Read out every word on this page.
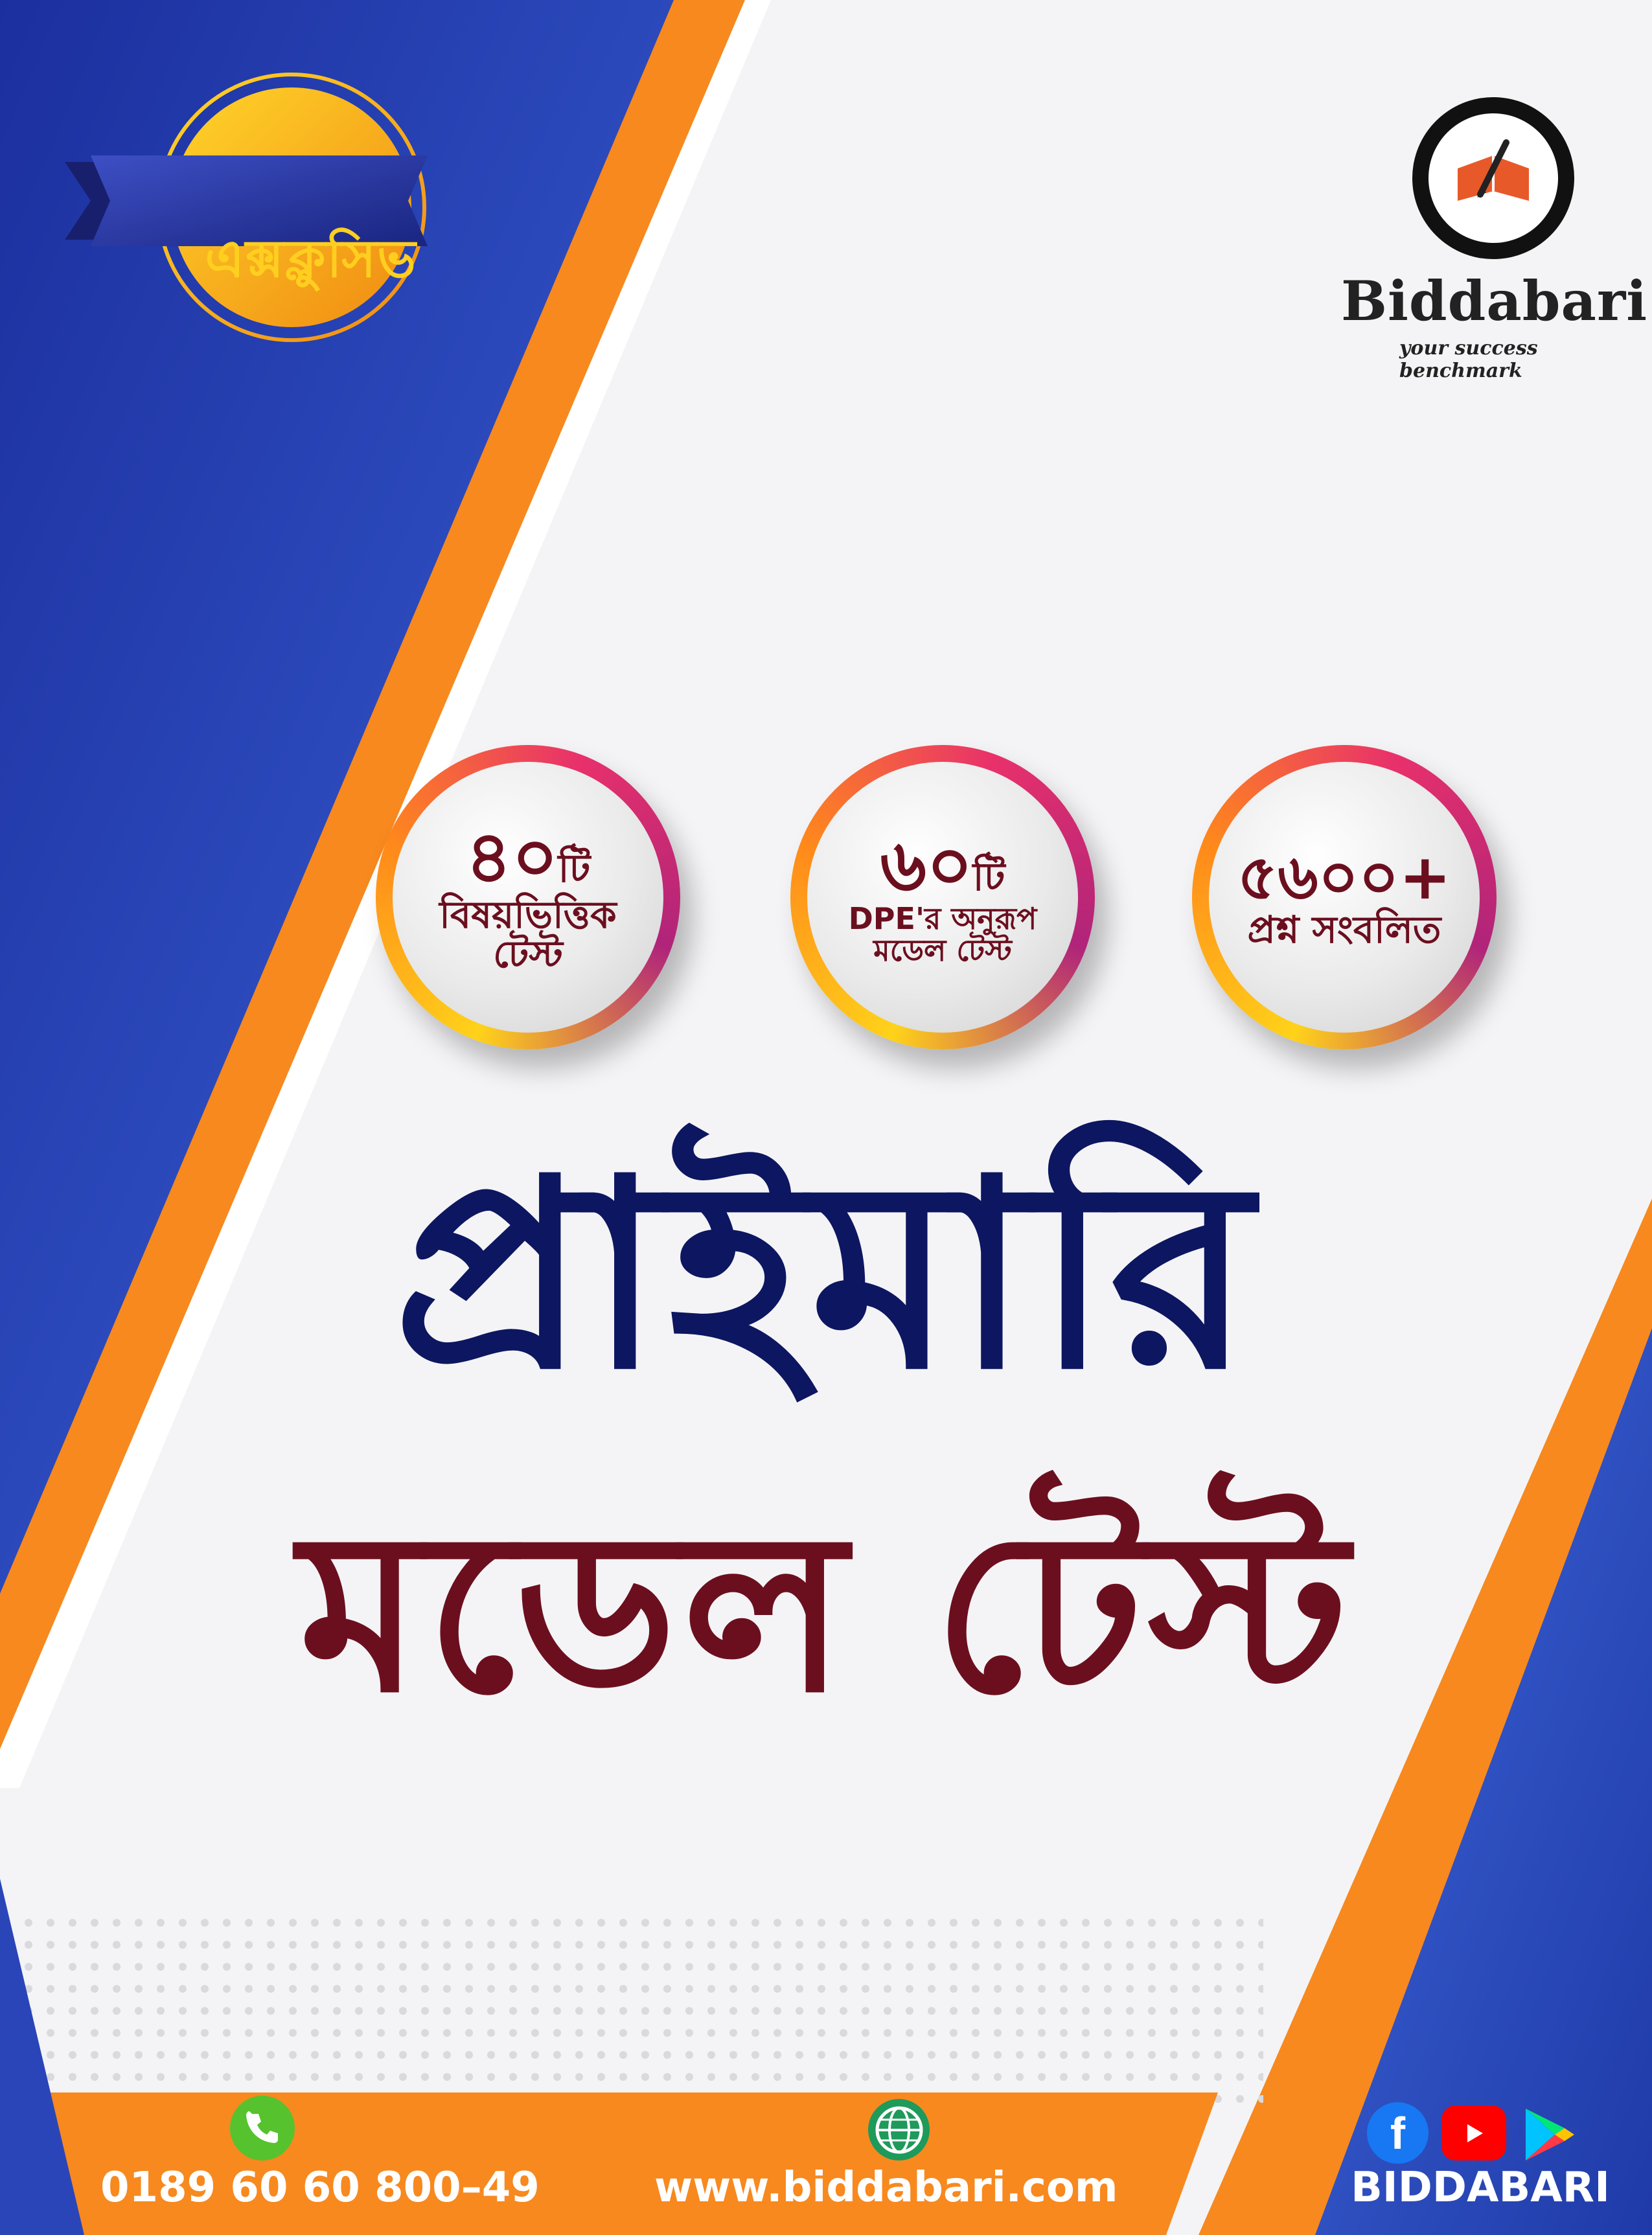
এক্সক্লুসিভ
Biddabari
your success benchmark
৪০টি
বিষয়ভিত্তিক
টেস্ট
৬০টি
DPE'র অনুরূপ
মডেল টেস্ট
৫৬০০+
প্রশ্ন সংবলিত
প্রাইমারি
মডেল টেস্ট
0189 60 60 800–49	www.biddabari.com
f
BIDDABARI
